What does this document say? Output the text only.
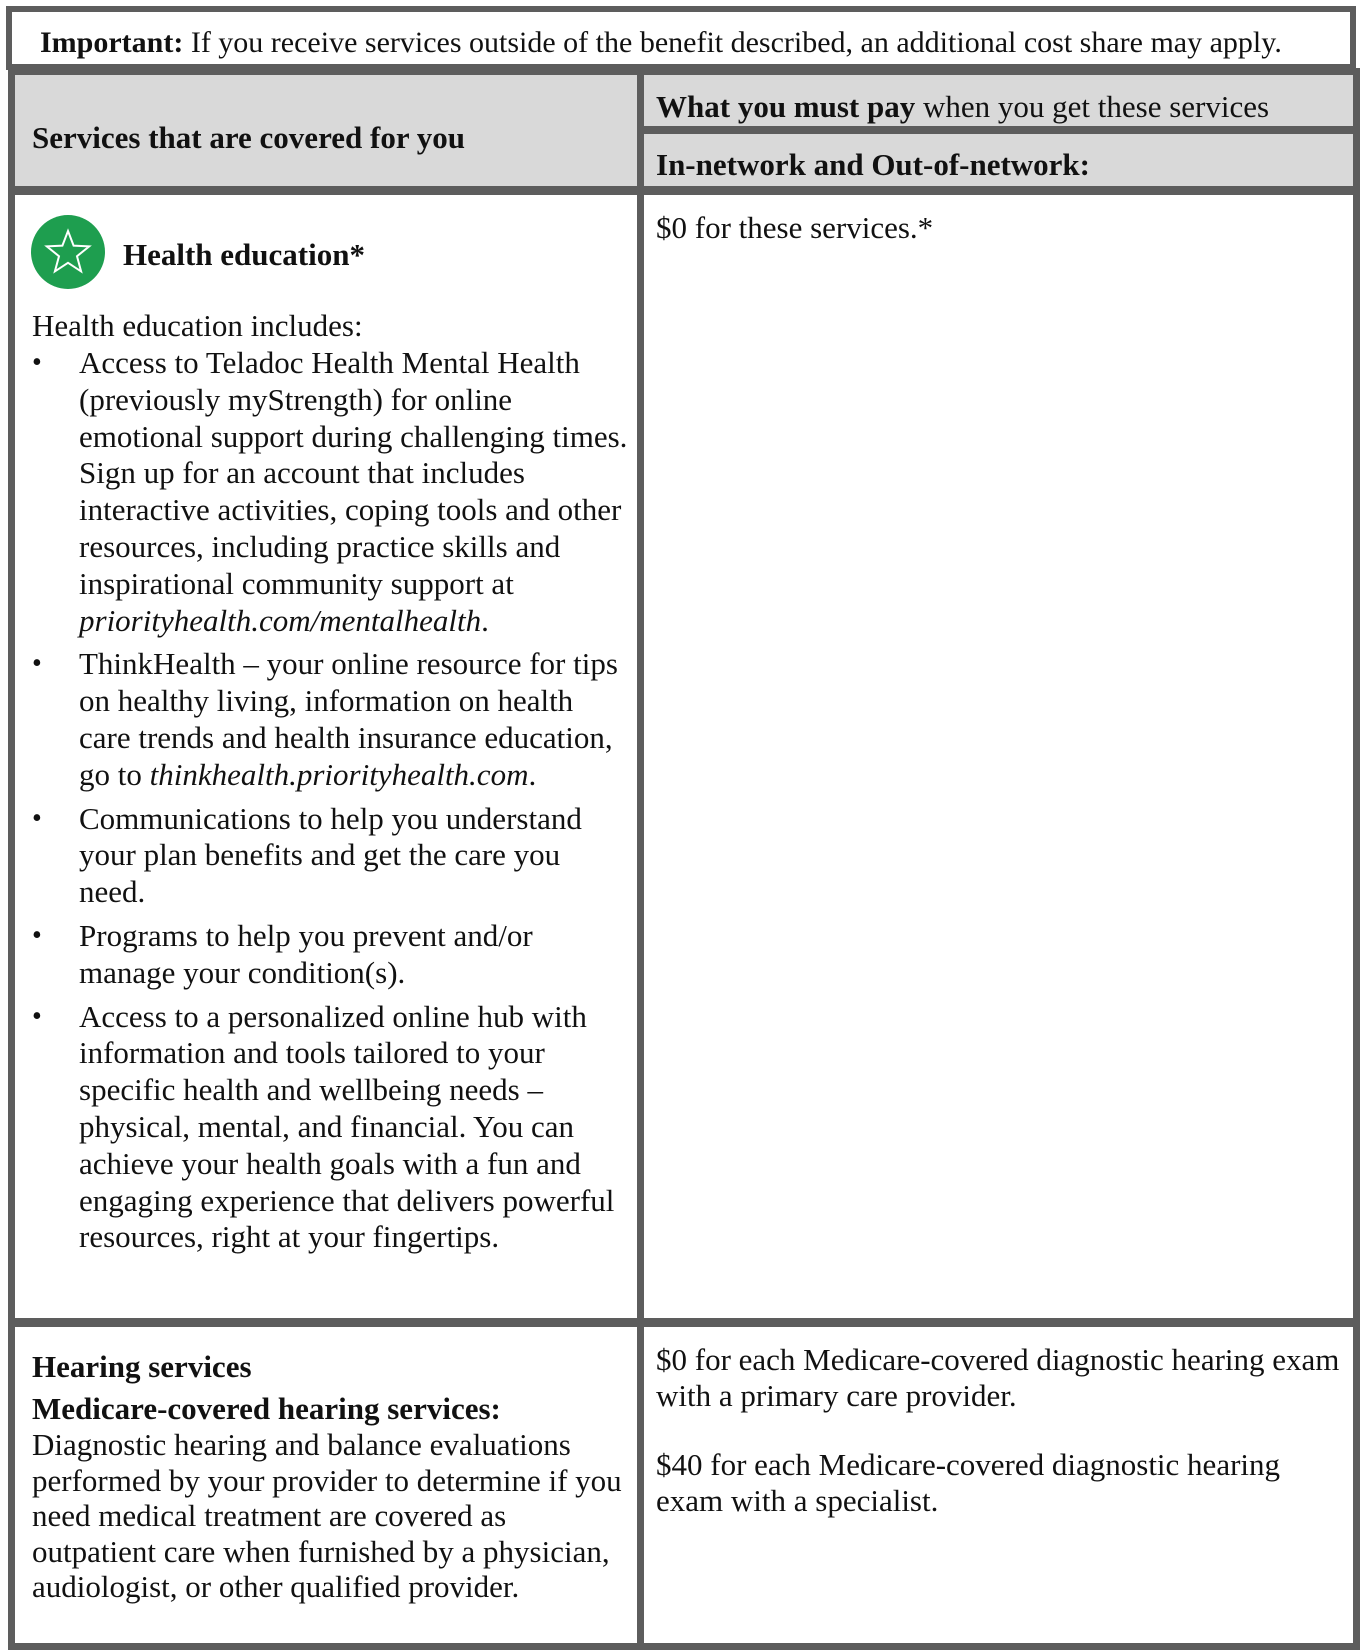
Important: If you receive services outside of the benefit described, an additional cost share may apply.
Services that are covered for you
What you must pay when you get these services
In-network and Out-of-network:
Health education*
Health education includes:
• Access to Teladoc Health Mental Health (previously myStrength) for online emotional support during challenging times. Sign up for an account that includes interactive activities, coping tools and other resources, including practice skills and inspirational community support at priorityhealth.com/mentalhealth.
• ThinkHealth – your online resource for tips on healthy living, information on health care trends and health insurance education, go to thinkhealth.priorityhealth.com.
• Communications to help you understand your plan benefits and get the care you need.
• Programs to help you prevent and/or manage your condition(s).
• Access to a personalized online hub with information and tools tailored to your specific health and wellbeing needs – physical, mental, and financial. You can achieve your health goals with a fun and engaging experience that delivers powerful resources, right at your fingertips.
$0 for these services.*
Hearing services
Medicare-covered hearing services:
Diagnostic hearing and balance evaluations performed by your provider to determine if you need medical treatment are covered as outpatient care when furnished by a physician, audiologist, or other qualified provider.
$0 for each Medicare-covered diagnostic hearing exam with a primary care provider.
$40 for each Medicare-covered diagnostic hearing exam with a specialist.
